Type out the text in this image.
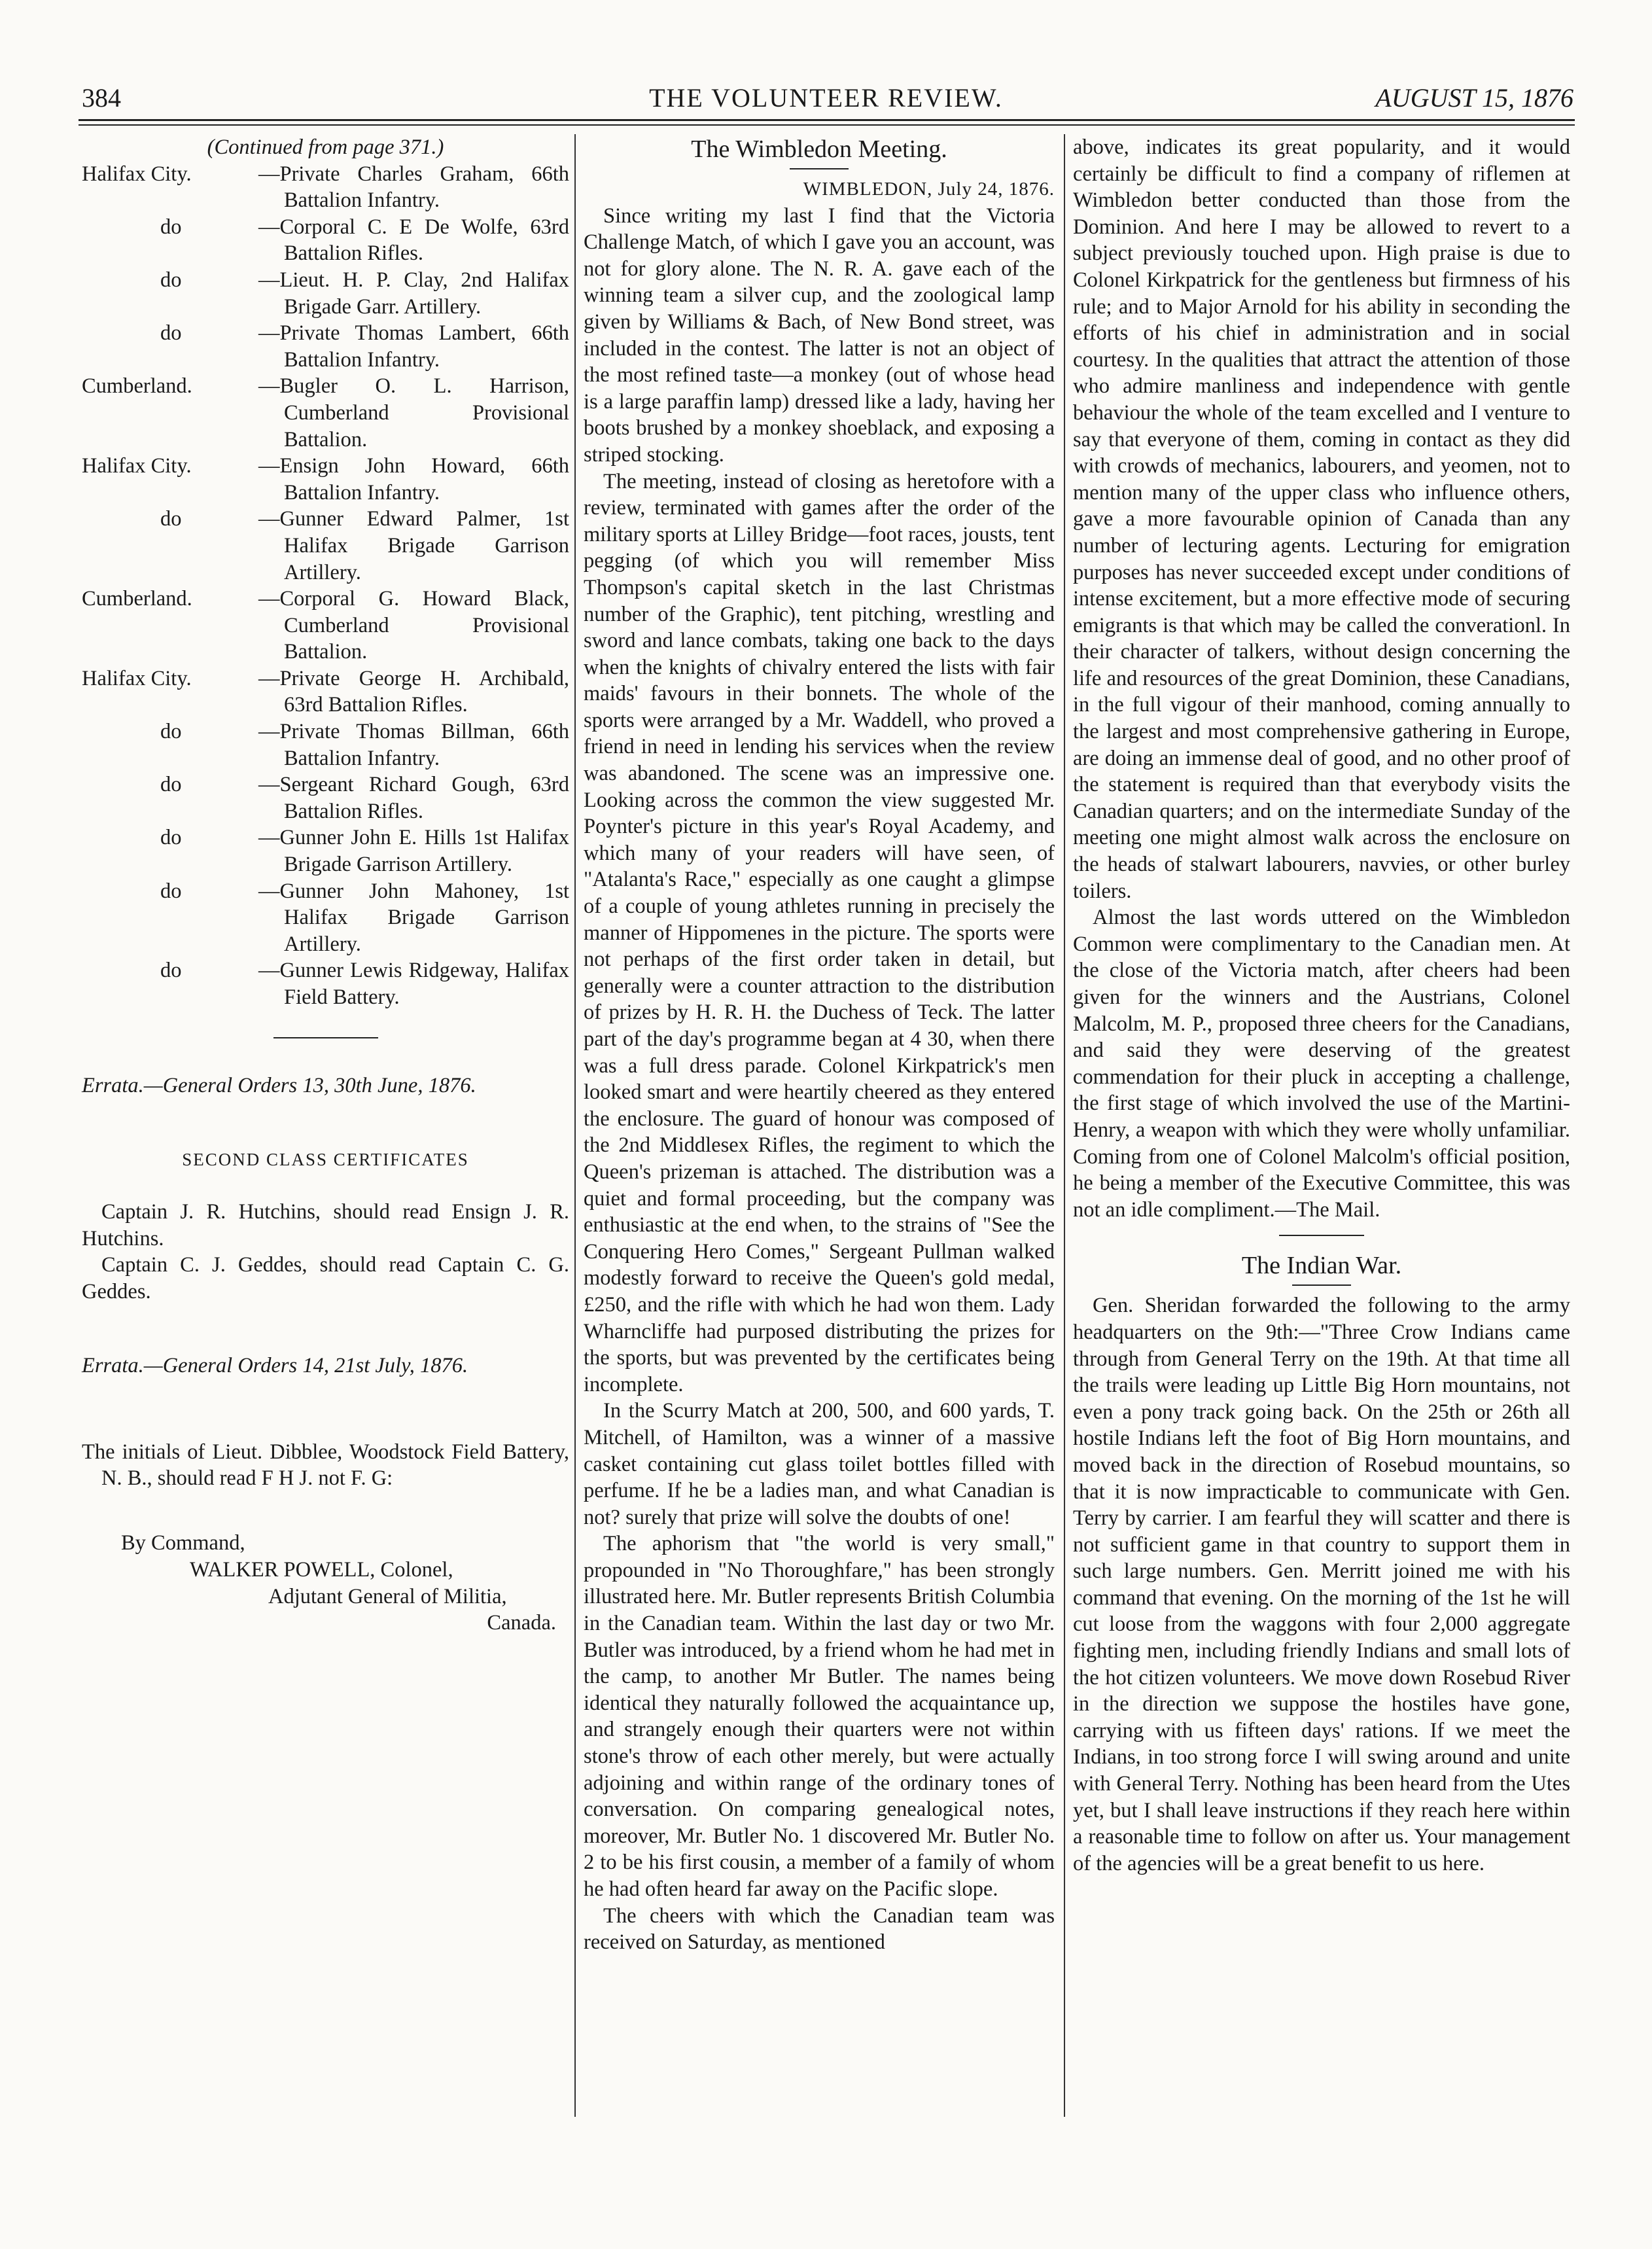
384	THE VOLUNTEER REVIEW.	AUGUST 15, 1876

(Continued from page 371.)

Halifax City.	—Private Charles Graham, 66th Battalion Infantry.
do	—Corporal C. E De Wolfe, 63rd Battalion Rifles.
do	—Lieut. H. P. Clay, 2nd Halifax Brigade Garr. Artillery.
do	—Private Thomas Lambert, 66th Battalion Infantry.
Cumberland.	—Bugler O. L. Harrison, Cumberland Provisional Battalion.
Halifax City.	—Ensign John Howard, 66th Battalion Infantry.
do	—Gunner Edward Palmer, 1st Halifax Brigade Garrison Artillery.
Cumberland.	—Corporal G. Howard Black, Cumberland Provisional Battalion.
Halifax City.	—Private George H. Archibald, 63rd Battalion Rifles.
do	—Private Thomas Billman, 66th Battalion Infantry.
do	—Sergeant Richard Gough, 63rd Battalion Rifles.
do	—Gunner John E. Hills 1st Halifax Brigade Garrison Artillery.
do	—Gunner John Mahoney, 1st Halifax Brigade Garrison Artillery.
do	—Gunner Lewis Ridgeway, Halifax Field Battery.

Errata.—General Orders 13, 30th June, 1876.

SECOND CLASS CERTIFICATES

Captain J. R. Hutchins, should read Ensign J. R. Hutchins.

Captain C. J. Geddes, should read Captain C. G. Geddes.

Errata.—General Orders 14, 21st July, 1876.

The initials of Lieut. Dibblee, Woodstock Field Battery, N. B., should read F H J. not F. G:

By Command,

WALKER POWELL, Colonel,

Adjutant General of Militia,

Canada.

The Wimbledon Meeting.

WIMBLEDON, July 24, 1876.

Since writing my last I find that the Victoria Challenge Match, of which I gave you an account, was not for glory alone. The N. R. A. gave each of the winning team a silver cup, and the zoological lamp given by Williams & Bach, of New Bond street, was included in the contest. The latter is not an object of the most refined taste—a monkey (out of whose head is a large paraffin lamp) dressed like a lady, having her boots brushed by a monkey shoeblack, and exposing a striped stocking.

The meeting, instead of closing as heretofore with a review, terminated with games after the order of the military sports at Lilley Bridge—foot races, jousts, tent pegging (of which you will remember Miss Thompson's capital sketch in the last Christmas number of the Graphic), tent pitching, wrestling and sword and lance combats, taking one back to the days when the knights of chivalry entered the lists with fair maids' favours in their bonnets. The whole of the sports were arranged by a Mr. Waddell, who proved a friend in need in lending his services when the review was abandoned. The scene was an impressive one. Looking across the common the view suggested Mr. Poynter's picture in this year's Royal Academy, and which many of your readers will have seen, of "Atalanta's Race," especially as one caught a glimpse of a couple of young athletes running in precisely the manner of Hippomenes in the picture. The sports were not perhaps of the first order taken in detail, but generally were a counter attraction to the distribution of prizes by H. R. H. the Duchess of Teck. The latter part of the day's programme began at 4 30, when there was a full dress parade. Colonel Kirkpatrick's men looked smart and were heartily cheered as they entered the enclosure. The guard of honour was composed of the 2nd Middlesex Rifles, the regiment to which the Queen's prizeman is attached. The distribution was a quiet and formal proceeding, but the company was enthusiastic at the end when, to the strains of "See the Conquering Hero Comes," Sergeant Pullman walked modestly forward to receive the Queen's gold medal, £250, and the rifle with which he had won them. Lady Wharncliffe had purposed distributing the prizes for the sports, but was prevented by the certificates being incomplete.

In the Scurry Match at 200, 500, and 600 yards, T. Mitchell, of Hamilton, was a winner of a massive casket containing cut glass toilet bottles filled with perfume. If he be a ladies man, and what Canadian is not? surely that prize will solve the doubts of one!

The aphorism that "the world is very small," propounded in "No Thoroughfare," has been strongly illustrated here. Mr. Butler represents British Columbia in the Canadian team. Within the last day or two Mr. Butler was introduced, by a friend whom he had met in the camp, to another Mr Butler. The names being identical they naturally followed the acquaintance up, and strangely enough their quarters were not within stone's throw of each other merely, but were actually adjoining and within range of the ordinary tones of conversation. On comparing genealogical notes, moreover, Mr. Butler No. 1 discovered Mr. Butler No. 2 to be his first cousin, a member of a family of whom he had often heard far away on the Pacific slope.

The cheers with which the Canadian team was received on Saturday, as mentioned

above, indicates its great popularity, and it would certainly be difficult to find a company of riflemen at Wimbledon better conducted than those from the Dominion. And here I may be allowed to revert to a subject previously touched upon. High praise is due to Colonel Kirkpatrick for the gentleness but firmness of his rule; and to Major Arnold for his ability in seconding the efforts of his chief in administration and in social courtesy. In the qualities that attract the attention of those who admire manliness and independence with gentle behaviour the whole of the team excelled and I venture to say that everyone of them, coming in contact as they did with crowds of mechanics, labourers, and yeomen, not to mention many of the upper class who influence others, gave a more favourable opinion of Canada than any number of lecturing agents. Lecturing for emigration purposes has never succeeded except under conditions of intense excitement, but a more effective mode of securing emigrants is that which may be called the converationl. In their character of talkers, without design concerning the life and resources of the great Dominion, these Canadians, in the full vigour of their manhood, coming annually to the largest and most comprehensive gathering in Europe, are doing an immense deal of good, and no other proof of the statement is required than that everybody visits the Canadian quarters; and on the intermediate Sunday of the meeting one might almost walk across the enclosure on the heads of stalwart labourers, navvies, or other burley toilers.

Almost the last words uttered on the Wimbledon Common were complimentary to the Canadian men. At the close of the Victoria match, after cheers had been given for the winners and the Austrians, Colonel Malcolm, M. P., proposed three cheers for the Canadians, and said they were deserving of the greatest commendation for their pluck in accepting a challenge, the first stage of which involved the use of the Martini-Henry, a weapon with which they were wholly unfamiliar. Coming from one of Colonel Malcolm's official position, he being a member of the Executive Committee, this was not an idle compliment.—The Mail.

The Indian War.

Gen. Sheridan forwarded the following to the army headquarters on the 9th:—"Three Crow Indians came through from General Terry on the 19th. At that time all the trails were leading up Little Big Horn mountains, not even a pony track going back. On the 25th or 26th all hostile Indians left the foot of Big Horn mountains, and moved back in the direction of Rosebud mountains, so that it is now impracticable to communicate with Gen. Terry by carrier. I am fearful they will scatter and there is not sufficient game in that country to support them in such large numbers. Gen. Merritt joined me with his command that evening. On the morning of the 1st he will cut loose from the waggons with four 2,000 aggregate fighting men, including friendly Indians and small lots of the hot citizen volunteers. We move down Rosebud River in the direction we suppose the hostiles have gone, carrying with us fifteen days' rations. If we meet the Indians, in too strong force I will swing around and unite with General Terry. Nothing has been heard from the Utes yet, but I shall leave instructions if they reach here within a reasonable time to follow on after us. Your management of the agencies will be a great benefit to us here.
